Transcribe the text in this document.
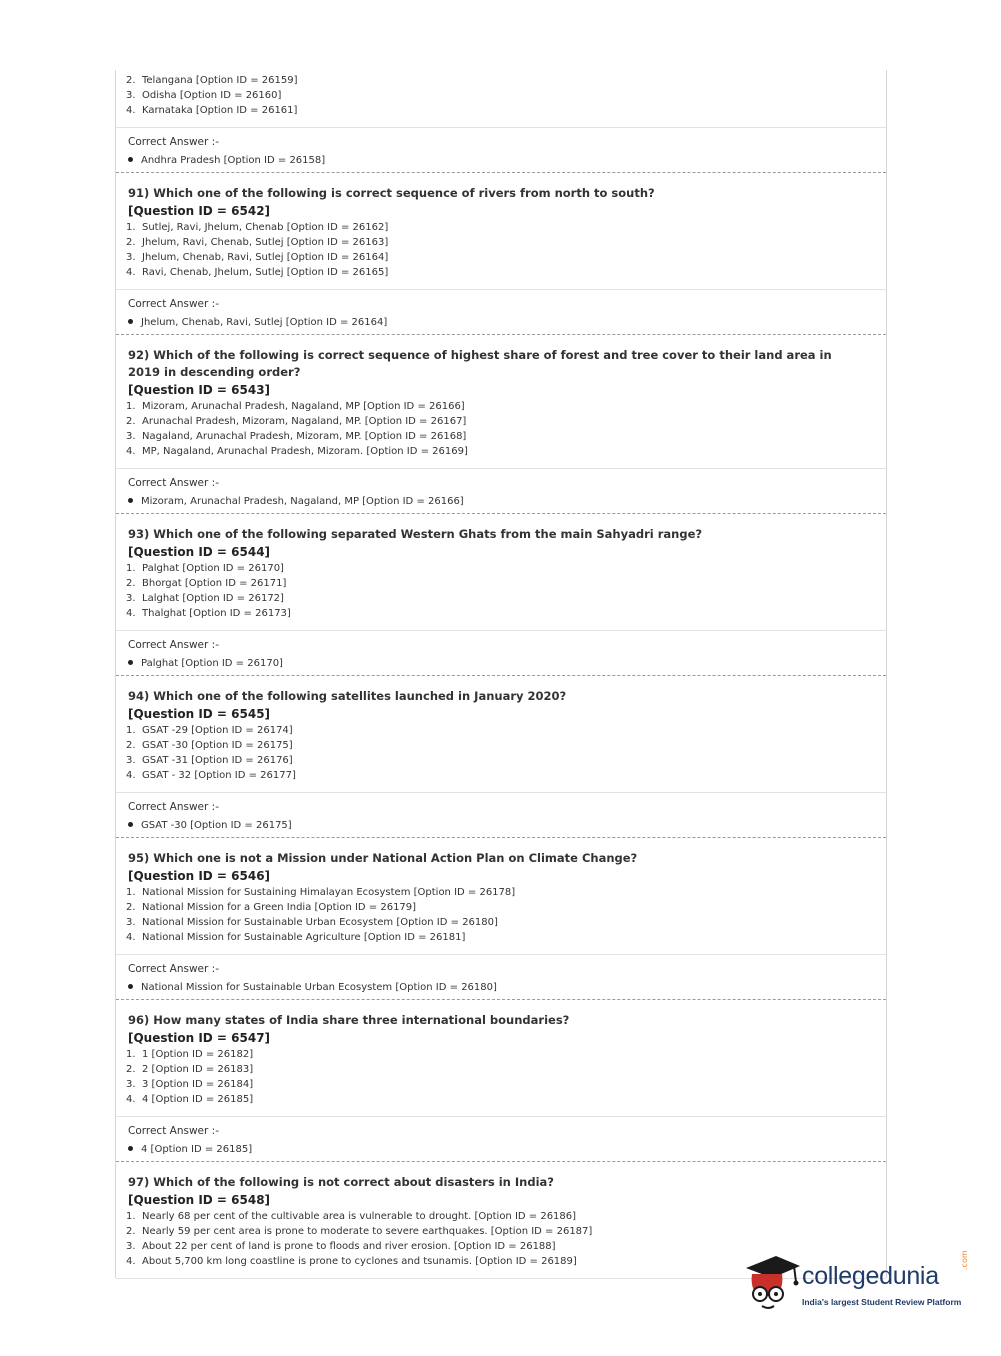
2. Telangana [Option ID = 26159]
3. Odisha [Option ID = 26160]
4. Karnataka [Option ID = 26161]
Correct Answer :-
Andhra Pradesh [Option ID = 26158]
91) Which one of the following is correct sequence of rivers from north to south?
[Question ID = 6542]
1. Sutlej, Ravi, Jhelum, Chenab [Option ID = 26162]
2. Jhelum, Ravi, Chenab, Sutlej [Option ID = 26163]
3. Jhelum, Chenab, Ravi, Sutlej [Option ID = 26164]
4. Ravi, Chenab, Jhelum, Sutlej [Option ID = 26165]
Correct Answer :-
Jhelum, Chenab, Ravi, Sutlej [Option ID = 26164]
92) Which of the following is correct sequence of highest share of forest and tree cover to their land area in 2019 in descending order?
[Question ID = 6543]
1. Mizoram, Arunachal Pradesh, Nagaland, MP [Option ID = 26166]
2. Arunachal Pradesh, Mizoram, Nagaland, MP. [Option ID = 26167]
3. Nagaland, Arunachal Pradesh, Mizoram, MP. [Option ID = 26168]
4. MP, Nagaland, Arunachal Pradesh, Mizoram. [Option ID = 26169]
Correct Answer :-
Mizoram, Arunachal Pradesh, Nagaland, MP [Option ID = 26166]
93) Which one of the following separated Western Ghats from the main Sahyadri range?
[Question ID = 6544]
1. Palghat [Option ID = 26170]
2. Bhorgat [Option ID = 26171]
3. Lalghat [Option ID = 26172]
4. Thalghat [Option ID = 26173]
Correct Answer :-
Palghat [Option ID = 26170]
94) Which one of the following satellites launched in January 2020?
[Question ID = 6545]
1. GSAT -29 [Option ID = 26174]
2. GSAT -30 [Option ID = 26175]
3. GSAT -31 [Option ID = 26176]
4. GSAT - 32 [Option ID = 26177]
Correct Answer :-
GSAT -30 [Option ID = 26175]
95) Which one is not a Mission under National Action Plan on Climate Change?
[Question ID = 6546]
1. National Mission for Sustaining Himalayan Ecosystem [Option ID = 26178]
2. National Mission for a Green India [Option ID = 26179]
3. National Mission for Sustainable Urban Ecosystem [Option ID = 26180]
4. National Mission for Sustainable Agriculture [Option ID = 26181]
Correct Answer :-
National Mission for Sustainable Urban Ecosystem [Option ID = 26180]
96) How many states of India share three international boundaries?
[Question ID = 6547]
1. 1 [Option ID = 26182]
2. 2 [Option ID = 26183]
3. 3 [Option ID = 26184]
4. 4 [Option ID = 26185]
Correct Answer :-
4 [Option ID = 26185]
97) Which of the following is not correct about disasters in India?
[Question ID = 6548]
1. Nearly 68 per cent of the cultivable area is vulnerable to drought. [Option ID = 26186]
2. Nearly 59 per cent area is prone to moderate to severe earthquakes. [Option ID = 26187]
3. About 22 per cent of land is prone to floods and river erosion. [Option ID = 26188]
4. About 5,700 km long coastline is prone to cyclones and tsunamis. [Option ID = 26189]
collegedunia
.com
India's largest Student Review Platform
